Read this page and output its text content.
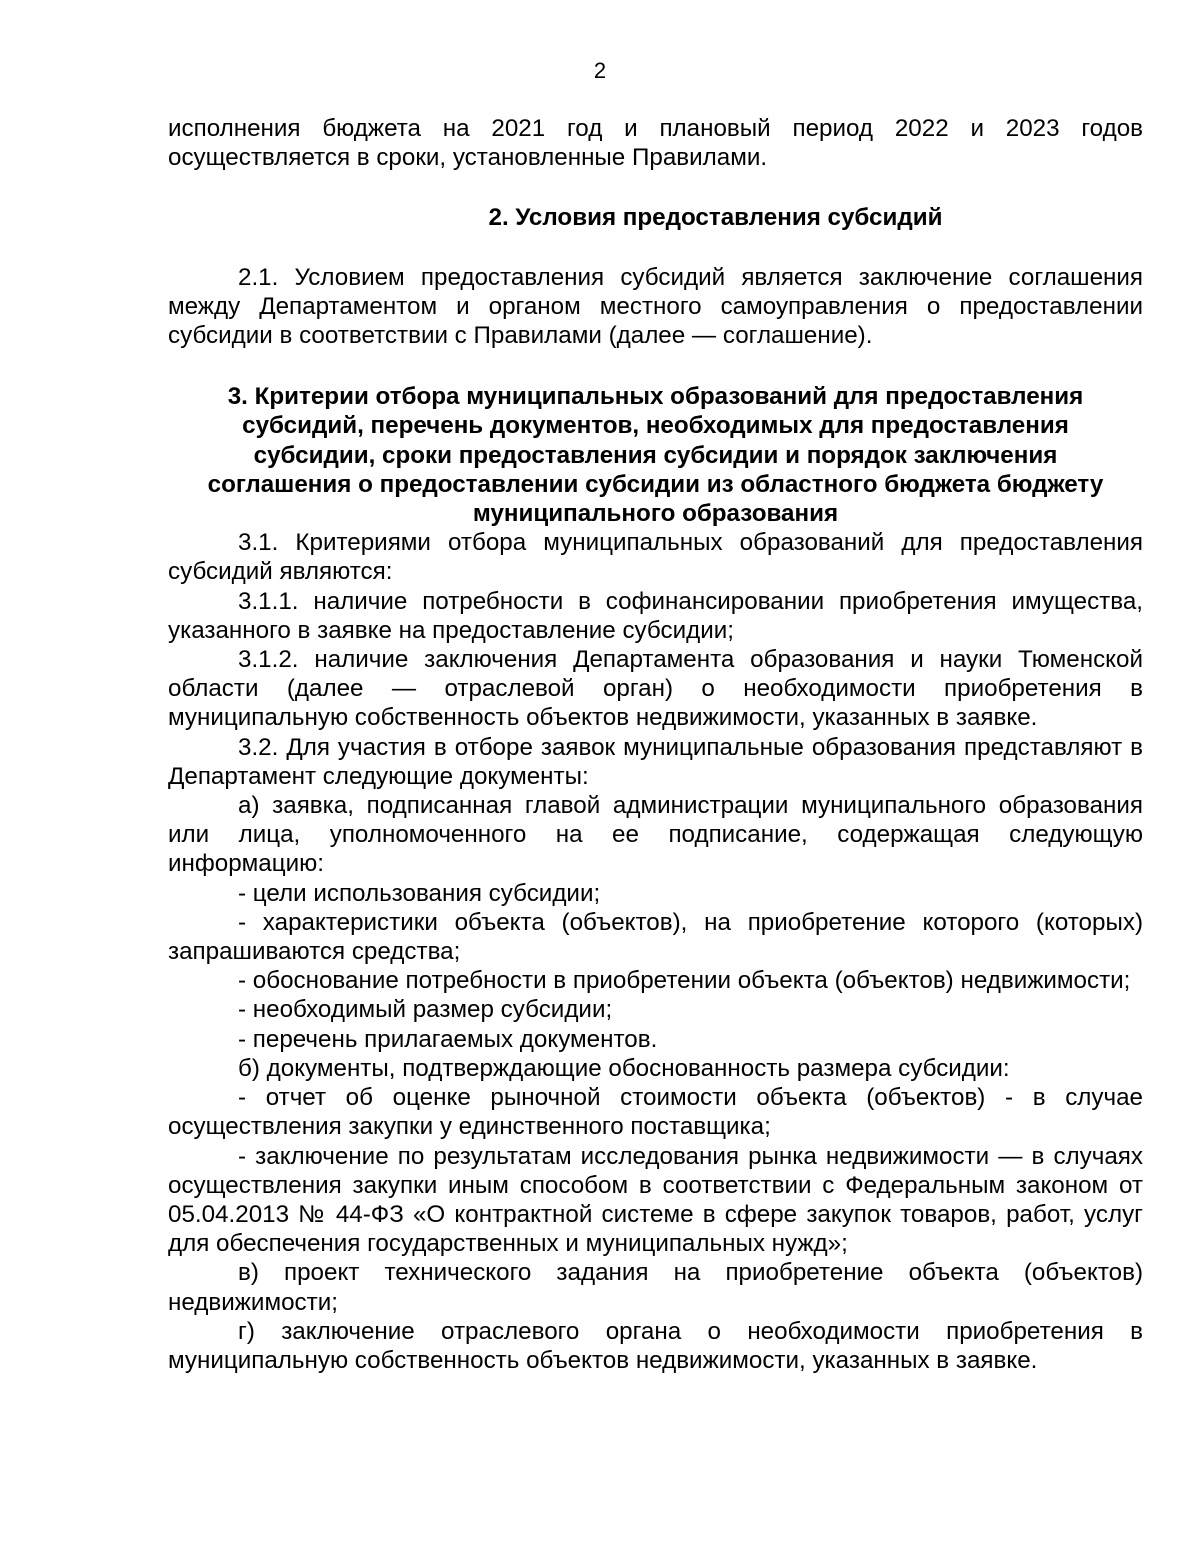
2

исполнения бюджета на 2021 год и плановый период 2022 и 2023 годов осуществляется в сроки, установленные Правилами.

2. Условия предоставления субсидий

2.1. Условием предоставления субсидий является заключение соглашения между Департаментом и органом местного самоуправления о предоставлении субсидии в соответствии с Правилами (далее — соглашение).

3. Критерии отбора муниципальных образований для предоставления
субсидий, перечень документов, необходимых для предоставления
субсидии, сроки предоставления субсидии и порядок заключения
соглашения о предоставлении субсидии из областного бюджета бюджету
муниципального образования

3.1. Критериями отбора муниципальных образований для предоставления субсидий являются:

3.1.1. наличие потребности в софинансировании приобретения имущества, указанного в заявке на предоставление субсидии;

3.1.2. наличие заключения Департамента образования и науки Тюменской области (далее — отраслевой орган) о необходимости приобретения в муниципальную собственность объектов недвижимости, указанных в заявке.

3.2. Для участия в отборе заявок муниципальные образования представляют в Департамент следующие документы:

а) заявка, подписанная главой администрации муниципального образования или лица, уполномоченного на ее подписание, содержащая следующую информацию:

- цели использования субсидии;

- характеристики объекта (объектов), на приобретение которого (которых) запрашиваются средства;

- обоснование потребности в приобретении объекта (объектов) недвижимости;

- необходимый размер субсидии;

- перечень прилагаемых документов.

б) документы, подтверждающие обоснованность размера субсидии:

- отчет об оценке рыночной стоимости объекта (объектов) - в случае осуществления закупки у единственного поставщика;

- заключение по результатам исследования рынка недвижимости — в случаях осуществления закупки иным способом в соответствии с Федеральным законом от 05.04.2013 № 44-ФЗ «О контрактной системе в сфере закупок товаров, работ, услуг для обеспечения государственных и муниципальных нужд»;

в) проект технического задания на приобретение объекта (объектов) недвижимости;

г) заключение отраслевого органа о необходимости приобретения в муниципальную собственность объектов недвижимости, указанных в заявке.
